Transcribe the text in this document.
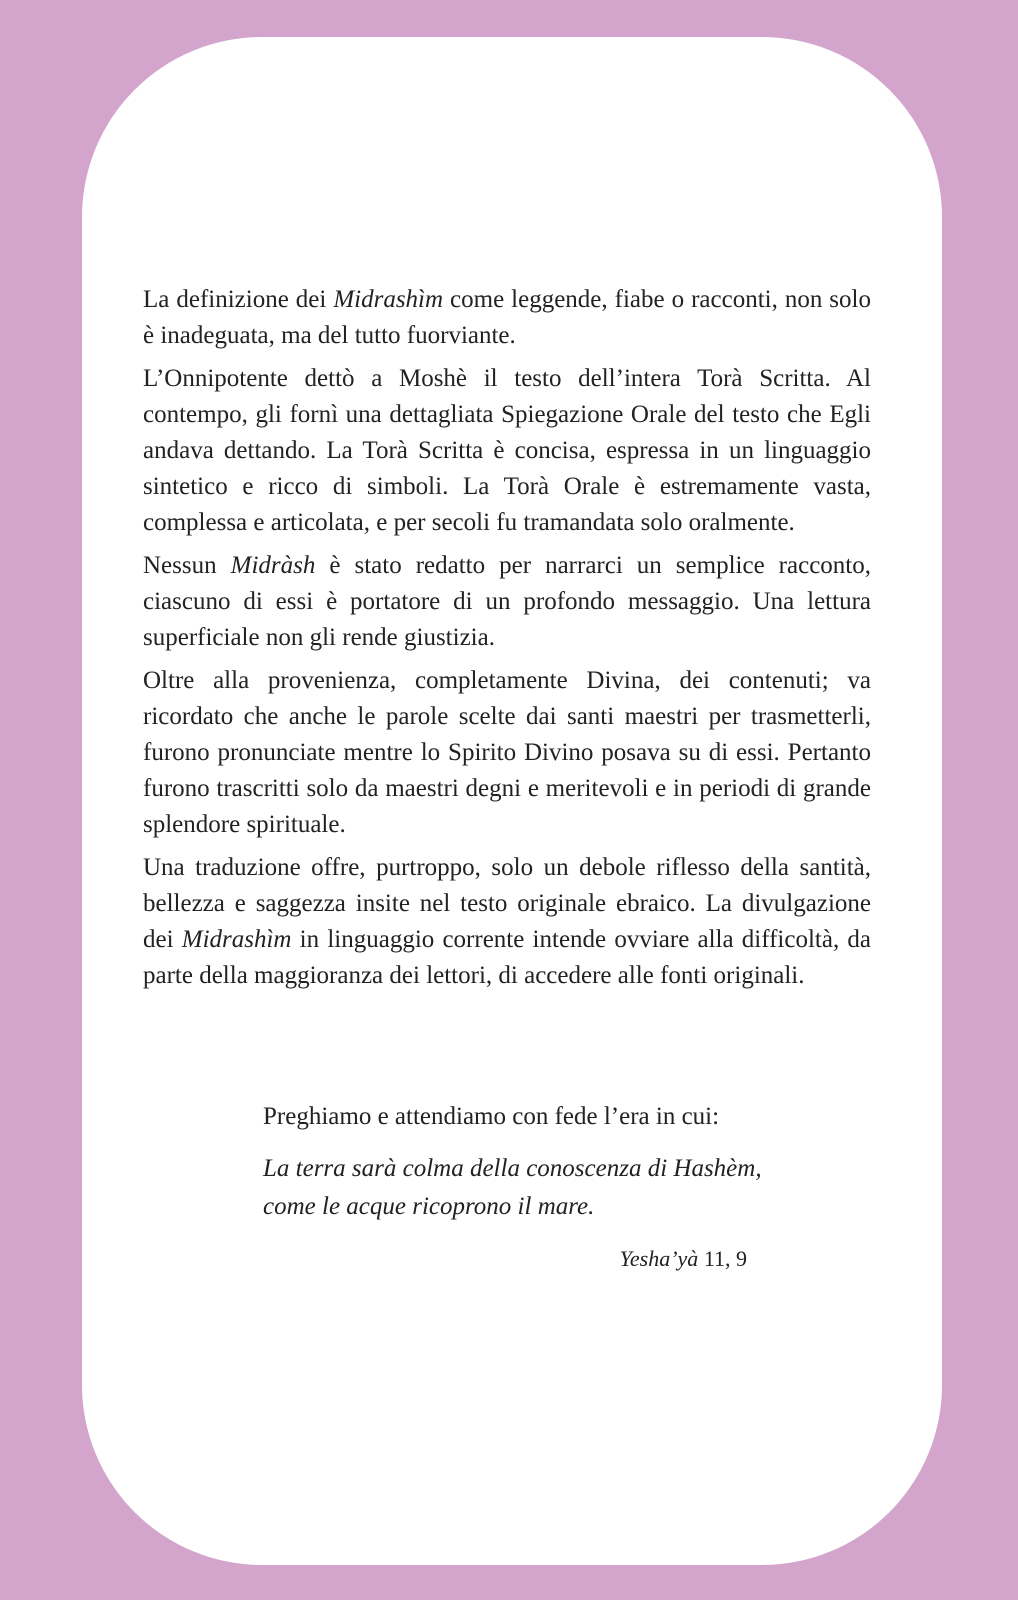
La definizione dei Midrashìm come leggende, fiabe o racconti, non solo è inadeguata, ma del tutto fuorviante.

L’Onnipotente dettò a Moshè il testo dell’intera Torà Scritta. Al contempo, gli fornì una dettagliata Spiegazione Orale del testo che Egli andava dettando. La Torà Scritta è concisa, espressa in un linguaggio sintetico e ricco di simboli. La Torà Orale è estremamente vasta, complessa e articolata, e per secoli fu tramandata solo oralmente.

Nessun Midràsh è stato redatto per narrarci un semplice racconto, ciascuno di essi è portatore di un profondo messaggio. Una lettura superficiale non gli rende giustizia.

Oltre alla provenienza, completamente Divina, dei contenuti; va ricordato che anche le parole scelte dai santi maestri per trasmetterli, furono pronunciate mentre lo Spirito Divino posava su di essi. Pertanto furono trascritti solo da maestri degni e meritevoli e in periodi di grande splendore spirituale.

Una traduzione offre, purtroppo, solo un debole riflesso della santità, bellezza e saggezza insite nel testo originale ebraico. La divulgazione dei Midrashìm in linguaggio corrente intende ovviare alla difficoltà, da parte della maggioranza dei lettori, di accedere alle fonti originali.

Preghiamo e attendiamo con fede l’era in cui:

La terra sarà colma della conoscenza di Hashèm,

come le acque ricoprono il mare.

Yesha’yà 11, 9
